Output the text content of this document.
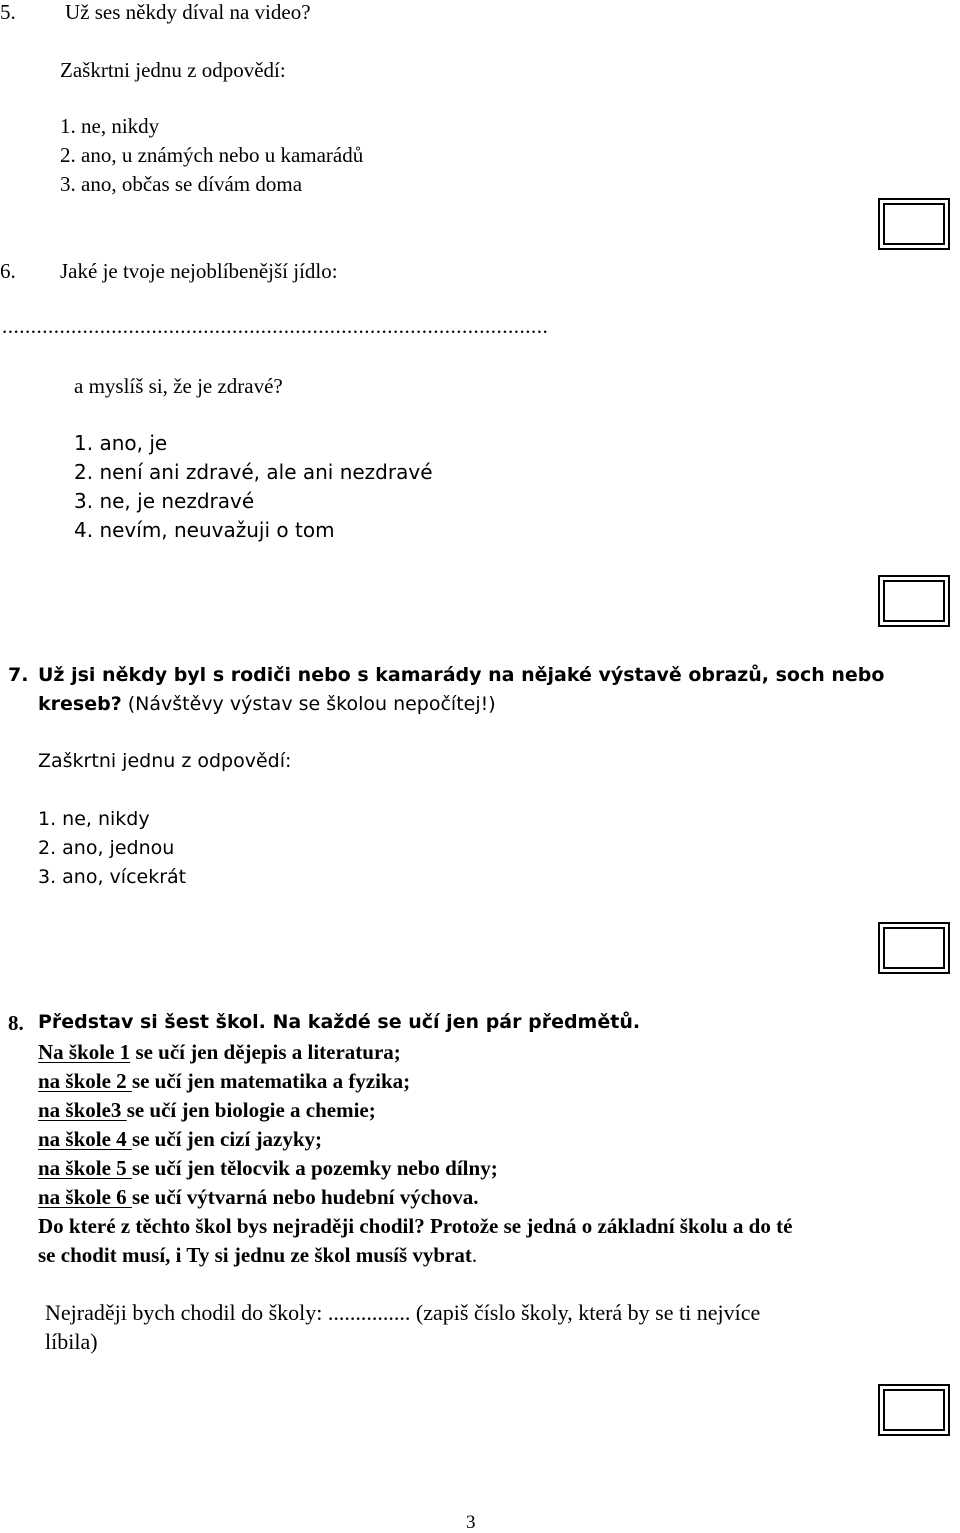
5. Už ses někdy díval na video?
Zaškrtni jednu z odpovědí:
1. ne, nikdy
2. ano, u známých nebo u kamarádů
3. ano, občas se dívám doma
6. Jaké je tvoje nejoblíbenější jídlo:
...............................................................................................
a myslíš si, že je zdravé?
1. ano, je
2. není ani zdravé, ale ani nezdravé
3. ne, je nezdravé
4. nevím, neuvažuji o tom
7. Už jsi někdy byl s rodiči nebo s kamarády na nějaké výstavě obrazů, soch nebo
kreseb? (Návštěvy výstav se školou nepočítej!)
Zaškrtni jednu z odpovědí:
1. ne, nikdy
2. ano, jednou
3. ano, vícekrát
8. Představ si šest škol. Na každé se učí jen pár předmětů.
Na škole 1 se učí jen dějepis a literatura;
na škole 2 se učí jen matematika a fyzika;
na škole3 se učí jen biologie a chemie;
na škole 4 se učí jen cizí jazyky;
na škole 5 se učí jen tělocvik a pozemky nebo dílny;
na škole 6 se učí výtvarná nebo hudební výchova.
Do které z těchto škol bys nejraději chodil? Protože se jedná o základní školu a do té
se chodit musí, i Ty si jednu ze škol musíš vybrat.
Nejraději bych chodil do školy: ............... (zapiš číslo školy, která by se ti nejvíce
líbila)
3
